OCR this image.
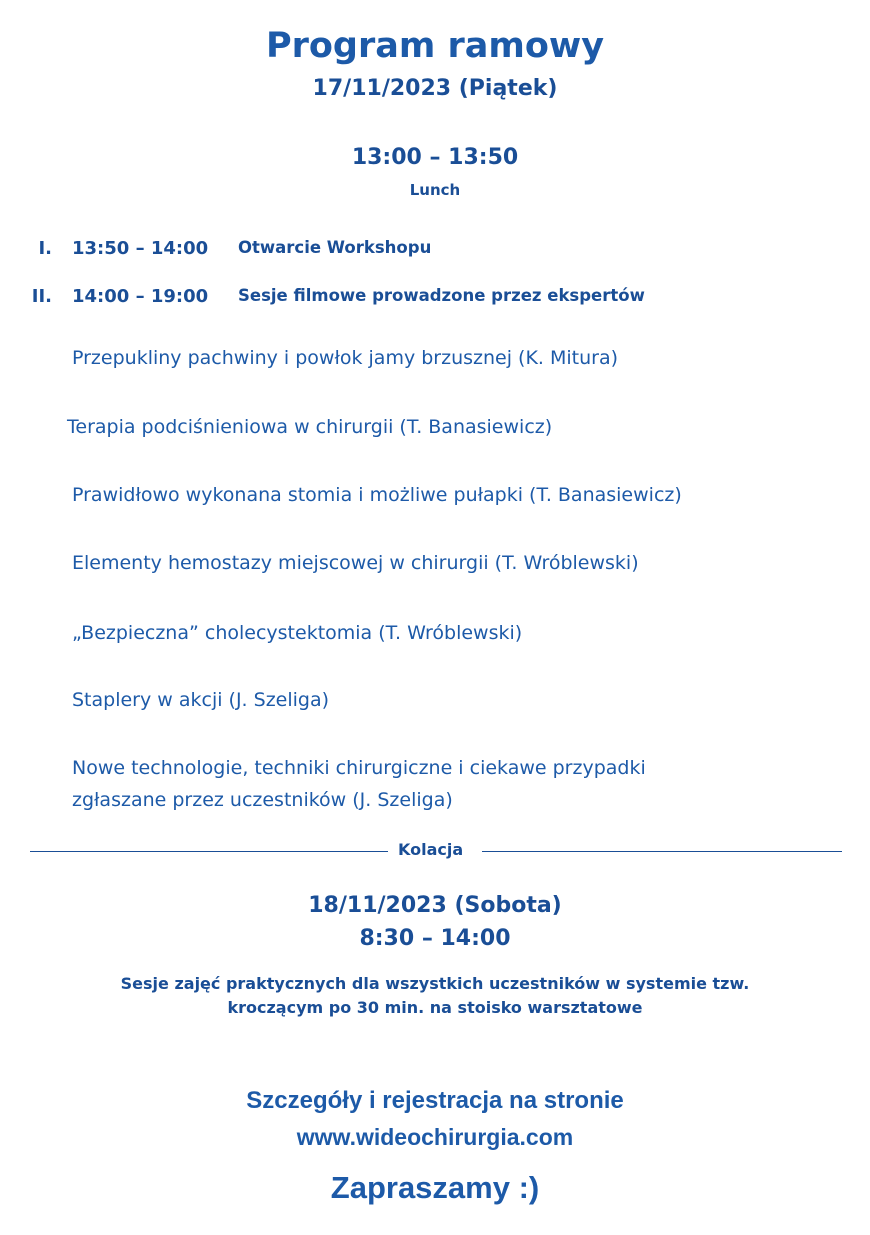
Program ramowy
17/11/2023 (Piątek)
13:00 – 13:50
Lunch
I. 13:50 – 14:00 Otwarcie Workshopu
II. 14:00 – 19:00 Sesje filmowe prowadzone przez ekspertów
Przepukliny pachwiny i powłok jamy brzusznej (K. Mitura)
Terapia podciśnieniowa w chirurgii (T. Banasiewicz)
Prawidłowo wykonana stomia i możliwe pułapki (T. Banasiewicz)
Elementy hemostazy miejscowej w chirurgii (T. Wróblewski)
„Bezpieczna” cholecystektomia (T. Wróblewski)
Staplery w akcji (J. Szeliga)
Nowe technologie, techniki chirurgiczne i ciekawe przypadki
zgłaszane przez uczestników (J. Szeliga)
Kolacja
18/11/2023 (Sobota)
8:30 – 14:00
Sesje zajęć praktycznych dla wszystkich uczestników w systemie tzw.
kroczącym po 30 min. na stoisko warsztatowe
Szczegóły i rejestracja na stronie
www.wideochirurgia.com
Zapraszamy :)
